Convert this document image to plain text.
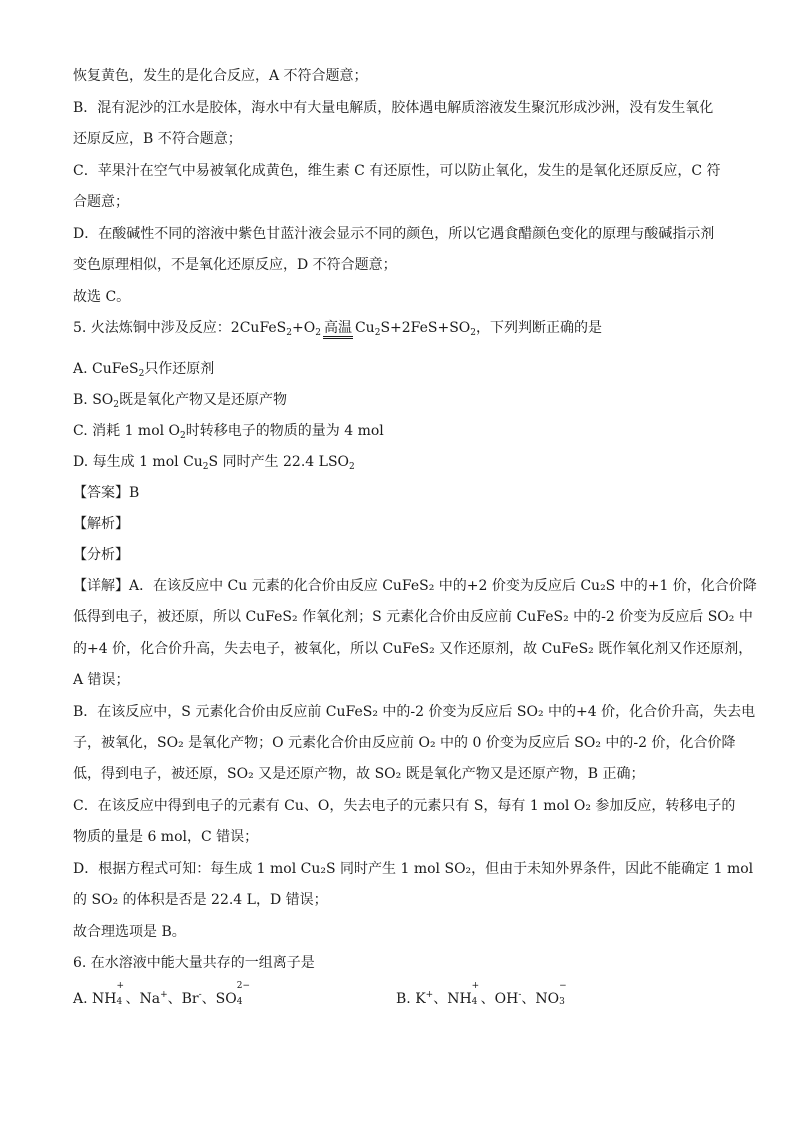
恢复黄色，发生的是化合反应，A 不符合题意；
B．混有泥沙的江水是胶体，海水中有大量电解质，胶体遇电解质溶液发生聚沉形成沙洲，没有发生氧化
还原反应，B 不符合题意；
C．苹果汁在空气中易被氧化成黄色，维生素 C 有还原性，可以防止氧化，发生的是氧化还原反应，C 符
合题意；
D．在酸碱性不同的溶液中紫色甘蓝汁液会显示不同的颜色，所以它遇食醋颜色变化的原理与酸碱指示剂
变色原理相似，不是氧化还原反应，D 不符合题意；
故选 C。
5. 火法炼铜中涉及反应：$2CuFeS_2+O_2$ 高温 $Cu_2S+2FeS+SO_2$，下列判断正确的是
A. CuFeS$_2$只作还原剂
B. $SO_2$既是氧化产物又是还原产物
C. 消耗 1 mol $O_2$时转移电子的物质的量为 4 mol
D. 每生成 1 mol $Cu_2S$ 同时产生 22.4 $LSO_2$
【答案】B
【解析】
【分析】
【详解】A．在该反应中 Cu 元素的化合价由反应 CuFeS₂ 中的+2 价变为反应后 Cu₂S 中的+1 价，化合价降
低得到电子，被还原，所以 CuFeS₂ 作氧化剂；S 元素化合价由反应前 CuFeS₂ 中的-2 价变为反应后 SO₂ 中
的+4 价，化合价升高，失去电子，被氧化，所以 CuFeS₂ 又作还原剂，故 CuFeS₂ 既作氧化剂又作还原剂，
A 错误；
B．在该反应中，S 元素化合价由反应前 CuFeS₂ 中的-2 价变为反应后 SO₂ 中的+4 价，化合价升高，失去电
子，被氧化，SO₂ 是氧化产物；O 元素化合价由反应前 O₂ 中的 0 价变为反应后 SO₂ 中的-2 价，化合价降
低，得到电子，被还原，SO₂ 又是还原产物，故 SO₂ 既是氧化产物又是还原产物，B 正确；
C．在该反应中得到电子的元素有 Cu、O，失去电子的元素只有 S，每有 1 mol O₂ 参加反应，转移电子的
物质的量是 6 mol，C 错误；
D．根据方程式可知：每生成 1 mol Cu₂S 同时产生 1 mol SO₂，但由于未知外界条件，因此不能确定 1 mol
的 SO₂ 的体积是否是 22.4 L，D 错误；
故合理选项是 B。
6. 在水溶液中能大量共存的一组离子是
A. NH
+
4 、Na+、Br-、SO
2−
4	B. K+、NH
+
4 、OH-、NO
−
3
